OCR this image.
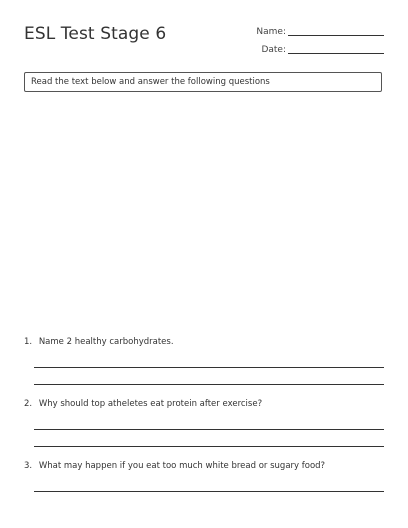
ESL Test Stage 6	Name:
Date:
Read the text below and answer the following questions
1. Name 2 healthy carbohydrates.
2. Why should top atheletes eat protein after exercise?
3. What may happen if you eat too much white bread or sugary food?
